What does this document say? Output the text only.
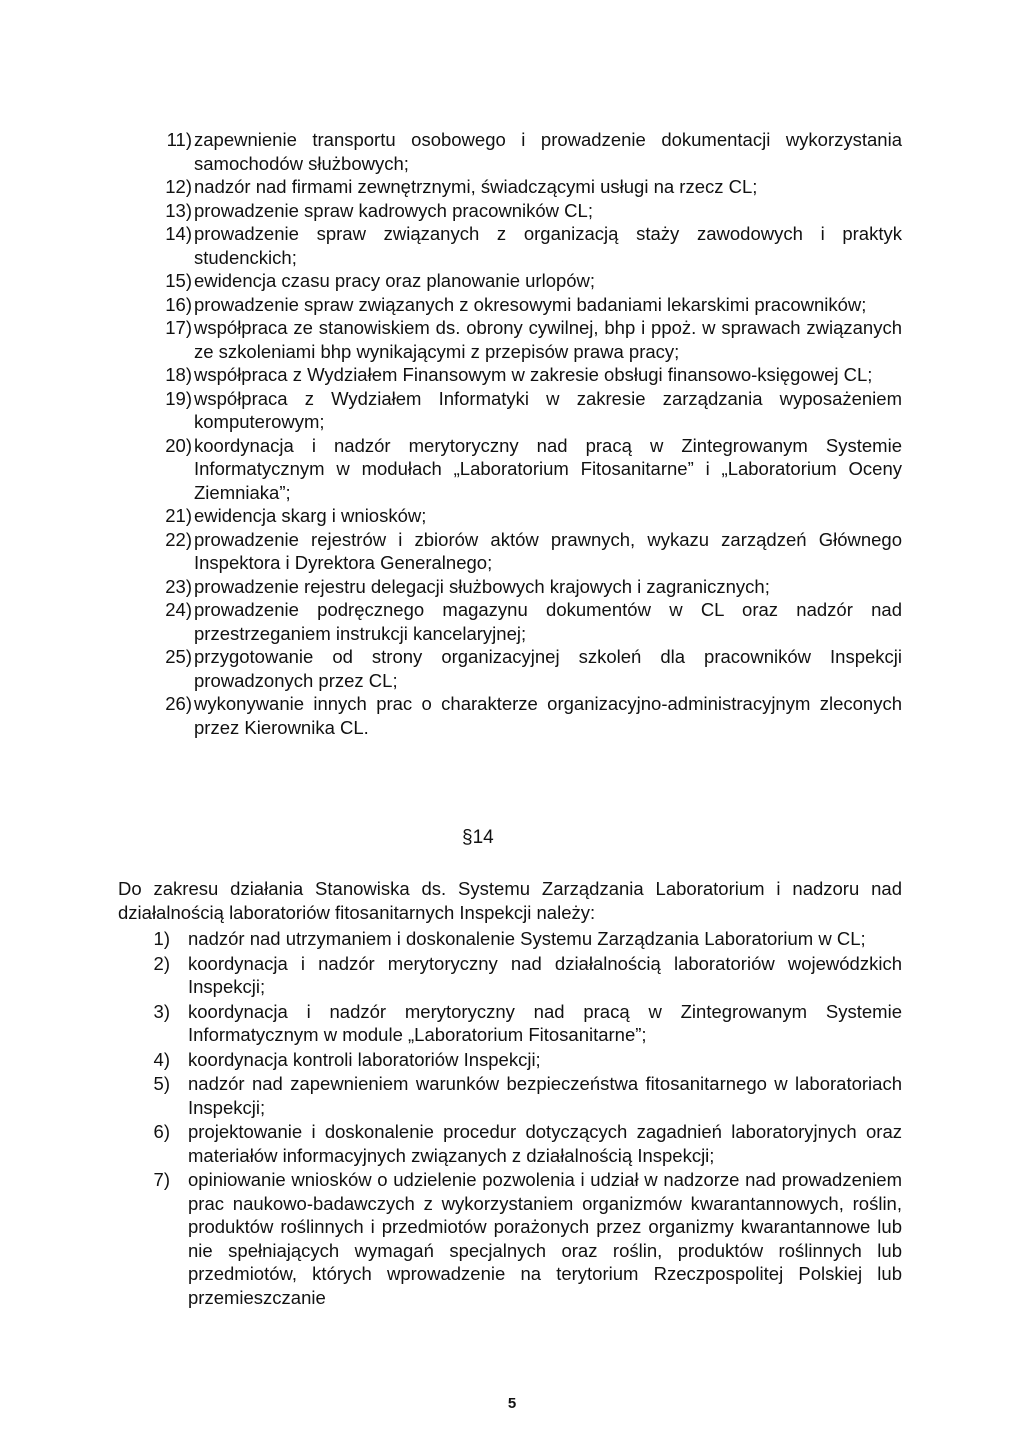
11) zapewnienie transportu osobowego i prowadzenie dokumentacji wykorzystania samochodów służbowych;
12) nadzór nad firmami zewnętrznymi, świadczącymi usługi na rzecz CL;
13) prowadzenie spraw kadrowych pracowników CL;
14) prowadzenie spraw związanych z organizacją staży zawodowych i praktyk studenckich;
15) ewidencja czasu pracy oraz planowanie urlopów;
16) prowadzenie spraw związanych z okresowymi badaniami lekarskimi pracowników;
17) współpraca ze stanowiskiem ds. obrony cywilnej, bhp i ppoż. w sprawach związanych ze szkoleniami bhp wynikającymi z przepisów prawa pracy;
18) współpraca z Wydziałem Finansowym w zakresie obsługi finansowo-księgowej CL;
19) współpraca z Wydziałem Informatyki w zakresie zarządzania wyposażeniem komputerowym;
20) koordynacja i nadzór merytoryczny nad pracą w Zintegrowanym Systemie Informatycznym w modułach „Laboratorium Fitosanitarne” i „Laboratorium Oceny Ziemniaka”;
21) ewidencja skarg i wniosków;
22) prowadzenie rejestrów i zbiorów aktów prawnych, wykazu zarządzeń Głównego Inspektora i Dyrektora Generalnego;
23) prowadzenie rejestru delegacji służbowych krajowych i zagranicznych;
24) prowadzenie podręcznego magazynu dokumentów w CL oraz nadzór nad przestrzeganiem instrukcji kancelaryjnej;
25) przygotowanie od strony organizacyjnej szkoleń dla pracowników Inspekcji prowadzonych przez CL;
26) wykonywanie innych prac o charakterze organizacyjno-administracyjnym zleconych przez Kierownika CL.
§14
Do zakresu działania Stanowiska ds. Systemu Zarządzania Laboratorium i nadzoru nad działalnością laboratoriów fitosanitarnych Inspekcji należy:
1) nadzór nad utrzymaniem i doskonalenie Systemu Zarządzania Laboratorium w CL;
2) koordynacja i nadzór merytoryczny nad działalnością laboratoriów wojewódzkich Inspekcji;
3) koordynacja i nadzór merytoryczny nad pracą w Zintegrowanym Systemie Informatycznym w module „Laboratorium Fitosanitarne”;
4) koordynacja kontroli laboratoriów Inspekcji;
5) nadzór nad zapewnieniem warunków bezpieczeństwa fitosanitarnego w laboratoriach Inspekcji;
6) projektowanie i doskonalenie procedur dotyczących zagadnień laboratoryjnych oraz materiałów informacyjnych związanych z działalnością Inspekcji;
7) opiniowanie wniosków o udzielenie pozwolenia i udział w nadzorze nad prowadzeniem prac naukowo-badawczych z wykorzystaniem organizmów kwarantannowych, roślin, produktów roślinnych i przedmiotów porażonych przez organizmy kwarantannowe lub nie spełniających wymagań specjalnych oraz roślin, produktów roślinnych lub przedmiotów, których wprowadzenie na terytorium Rzeczpospolitej Polskiej lub przemieszczanie
5
